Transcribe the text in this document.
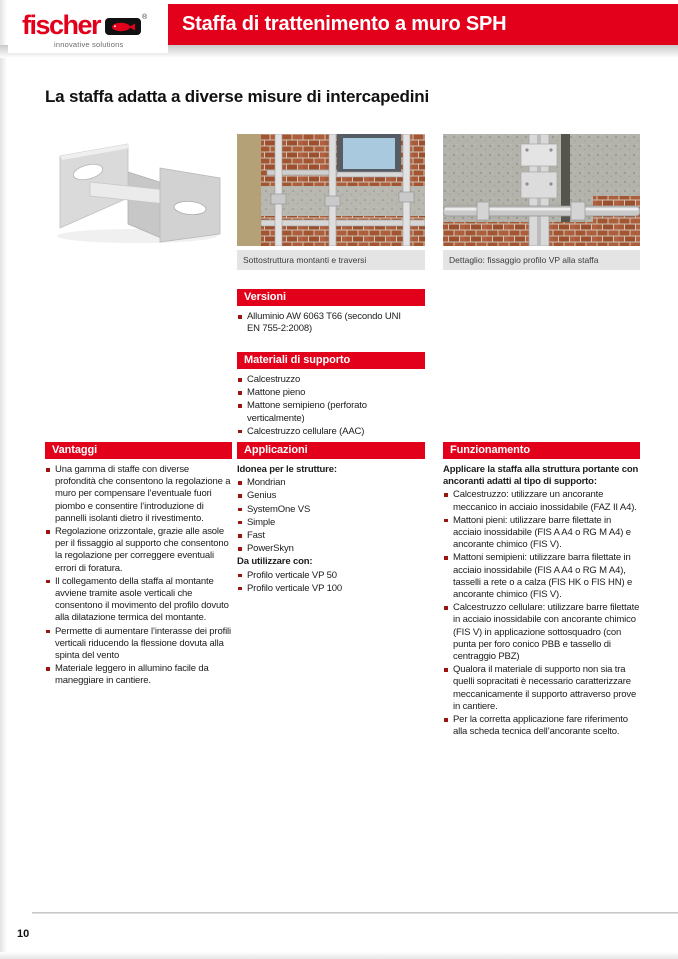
Staffa di trattenimento a muro SPH
fischer	®
innovative solutions
La staffa adatta a diverse misure di intercapedini
Sottostruttura montanti e traversi	Dettaglio: fissaggio profilo VP alla staffa
Versioni
Alluminio AW 6063 T66 (secondo UNI EN 755-2:2008)
Materiali di supporto
Calcestruzzo
Mattone pieno
Mattone semipieno (perforato verticalmente)
Calcestruzzo cellulare (AAC)
Vantaggi
Una gamma di staffe con diverse profondità che consentono la regolazione a muro per compensare l’eventuale fuori piombo e consentire l’introduzione di pannelli isolanti dietro il rivestimento.
Regolazione orizzontale, grazie alle asole per il fissaggio al supporto che consentono la regolazione per correggere eventuali errori di foratura.
Il collegamento della staffa al montante avviene tramite asole verticali che consentono il movimento del profilo dovuto alla dilatazione termica del montante.
Permette di aumentare l’interasse dei profili verticali riducendo la flessione dovuta alla spinta del vento
Materiale leggero in allumino facile da maneggiare in cantiere.
Applicazioni
Idonea per le strutture:
Mondrian
Genius
SystemOne VS
Simple
Fast
PowerSkyn
Da utilizzare con:
Profilo verticale VP 50
Profilo verticale VP 100
Funzionamento
Applicare la staffa alla struttura portante con ancoranti adatti al tipo di supporto:
Calcestruzzo: utilizzare un ancorante meccanico in acciaio inossidabile (FAZ II A4).
Mattoni pieni: utilizzare barre filettate in acciaio inossidabile (FIS A A4 o RG M A4) e ancorante chimico (FIS V).
Mattoni semipieni: utilizzare barra filettate in acciaio inossidabile (FIS A A4 o RG M A4), tasselli a rete o a calza (FIS HK o FIS HN) e ancorante chimico (FIS V).
Calcestruzzo cellulare: utilizzare barre filettate in acciaio inossidabile con ancorante chimico (FIS V) in applicazione sottosquadro (con punta per foro conico PBB e tassello di centraggio PBZ)
Qualora il materiale di supporto non sia tra quelli sopracitati è necessario caratterizzare meccanicamente il supporto attraverso prove in cantiere.
Per la corretta applicazione fare riferimento alla scheda tecnica dell’ancorante scelto.
10
